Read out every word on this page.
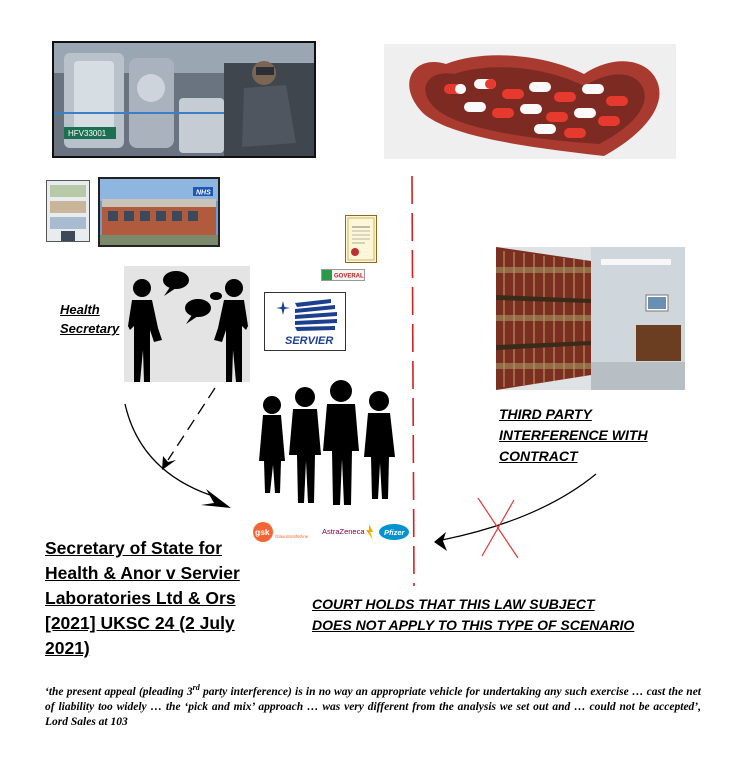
HFV33001
NHS
GOVERAL
Health
Secretary
SERVIER
THIRD PARTY
INTERFERENCE WITH
CONTRACT
gsk GlaxoSmithKline
AstraZeneca	Pfizer
Secretary of State for
Health & Anor v Servier
Laboratories Ltd & Ors
[2021] UKSC 24 (2 July
2021)
COURT HOLDS THAT THIS LAW SUBJECT
DOES NOT APPLY TO THIS TYPE OF SCENARIO
‘the present appeal (pleading 3rd party interference) is in no way an appropriate vehicle for undertaking any such exercise … cast the net of liability too widely … the ‘pick and mix’ approach … was very different from the analysis we set out and … could not be accepted’, Lord Sales at 103
